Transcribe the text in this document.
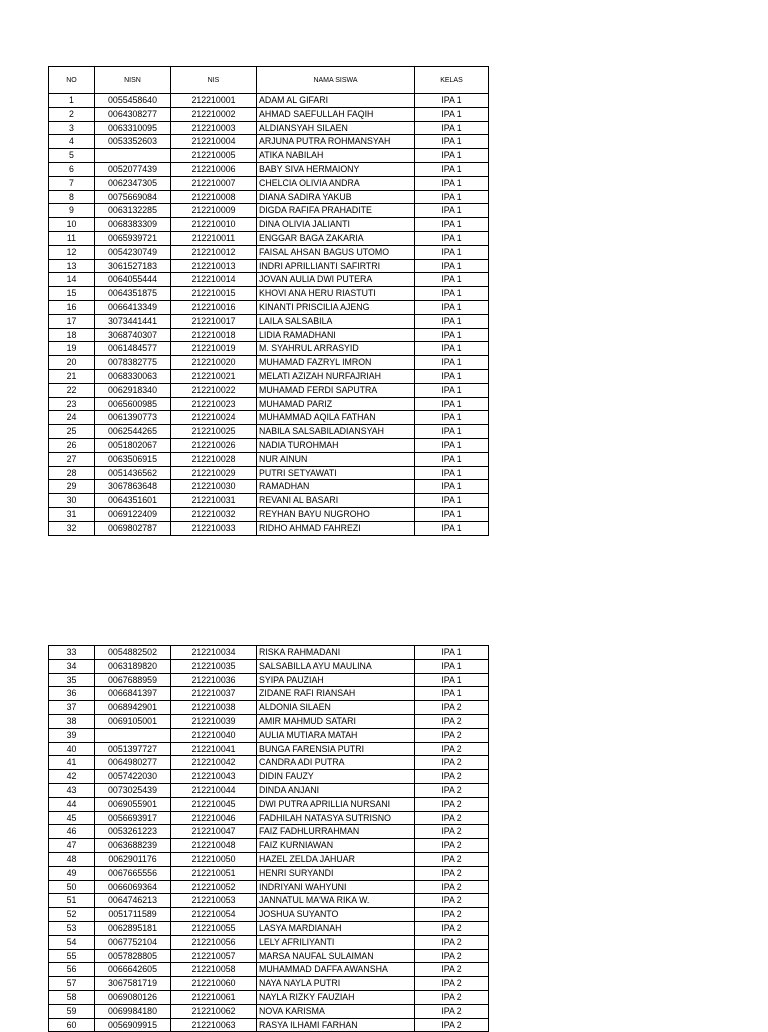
NO	NISN	NIS	NAMA SISWA	KELAS
1	0055458640	212210001	ADAM AL GIFARI	IPA 1
2	0064308277	212210002	AHMAD SAEFULLAH FAQIH	IPA 1
3	0063310095	212210003	ALDIANSYAH SILAEN	IPA 1
4	0053352603	212210004	ARJUNA PUTRA ROHMANSYAH	IPA 1
5		212210005	ATIKA NABILAH	IPA 1
6	0052077439	212210006	BABY SIVA HERMAIONY	IPA 1
7	0062347305	212210007	CHELCIA OLIVIA ANDRA	IPA 1
8	0075669084	212210008	DIANA SADIRA YAKUB	IPA 1
9	0063132285	212210009	DIGDA RAFIFA PRAHADITE	IPA 1
10	0068383309	212210010	DINA OLIVIA JALIANTI	IPA 1
11	0065939721	212210011	ENGGAR BAGA ZAKARIA	IPA 1
12	0054230749	212210012	FAISAL AHSAN BAGUS UTOMO	IPA 1
13	3061527183	212210013	INDRI APRILLIANTI SAFIRTRI	IPA 1
14	0064055444	212210014	JOVAN AULIA DWI PUTERA	IPA 1
15	0064351875	212210015	KHOVI ANA HERU RIASTUTI	IPA 1
16	0066413349	212210016	KINANTI PRISCILIA AJENG	IPA 1
17	3073441441	212210017	LAILA SALSABILA	IPA 1
18	3068740307	212210018	LIDIA RAMADHANI	IPA 1
19	0061484577	212210019	M. SYAHRUL ARRASYID	IPA 1
20	0078382775	212210020	MUHAMAD FAZRYL IMRON	IPA 1
21	0068330063	212210021	MELATI AZIZAH NURFAJRIAH	IPA 1
22	0062918340	212210022	MUHAMAD FERDI SAPUTRA	IPA 1
23	0065600985	212210023	MUHAMAD PARIZ	IPA 1
24	0061390773	212210024	MUHAMMAD AQILA FATHAN	IPA 1
25	0062544265	212210025	NABILA SALSABILADIANSYAH	IPA 1
26	0051802067	212210026	NADIA TUROHMAH	IPA 1
27	0063506915	212210028	NUR AINUN	IPA 1
28	0051436562	212210029	PUTRI SETYAWATI	IPA 1
29	3067863648	212210030	RAMADHAN	IPA 1
30	0064351601	212210031	REVANI AL BASARI	IPA 1
31	0069122409	212210032	REYHAN BAYU NUGROHO	IPA 1
32	0069802787	212210033	RIDHO AHMAD FAHREZI	IPA 1
33	0054882502	212210034	RISKA RAHMADANI	IPA 1
34	0063189820	212210035	SALSABILLA AYU MAULINA	IPA 1
35	0067688959	212210036	SYIPA PAUZIAH	IPA 1
36	0066841397	212210037	ZIDANE RAFI RIANSAH	IPA 1
37	0068942901	212210038	ALDONIA SILAEN	IPA 2
38	0069105001	212210039	AMIR MAHMUD SATARI	IPA 2
39		212210040	AULIA MUTIARA MATAH	IPA 2
40	0051397727	212210041	BUNGA FARENSIA PUTRI	IPA 2
41	0064980277	212210042	CANDRA ADI PUTRA	IPA 2
42	0057422030	212210043	DIDIN FAUZY	IPA 2
43	0073025439	212210044	DINDA ANJANI	IPA 2
44	0069055901	212210045	DWI PUTRA APRILLIA NURSANI	IPA 2
45	0056693917	212210046	FADHILAH NATASYA SUTRISNO	IPA 2
46	0053261223	212210047	FAIZ FADHLURRAHMAN	IPA 2
47	0063688239	212210048	FAIZ KURNIAWAN	IPA 2
48	0062901176	212210050	HAZEL ZELDA JAHUAR	IPA 2
49	0067665556	212210051	HENRI SURYANDI	IPA 2
50	0066069364	212210052	INDRIYANI WAHYUNI	IPA 2
51	0064746213	212210053	JANNATUL MA'WA RIKA W.	IPA 2
52	0051711589	212210054	JOSHUA SUYANTO	IPA 2
53	0062895181	212210055	LASYA MARDIANAH	IPA 2
54	0067752104	212210056	LELY AFRILIYANTI	IPA 2
55	0057828805	212210057	MARSA NAUFAL SULAIMAN	IPA 2
56	0066642605	212210058	MUHAMMAD DAFFA AWANSHA	IPA 2
57	3067581719	212210060	NAYA NAYLA PUTRI	IPA 2
58	0069080126	212210061	NAYLA RIZKY FAUZIAH	IPA 2
59	0069984180	212210062	NOVA KARISMA	IPA 2
60	0056909915	212210063	RASYA ILHAMI FARHAN	IPA 2
